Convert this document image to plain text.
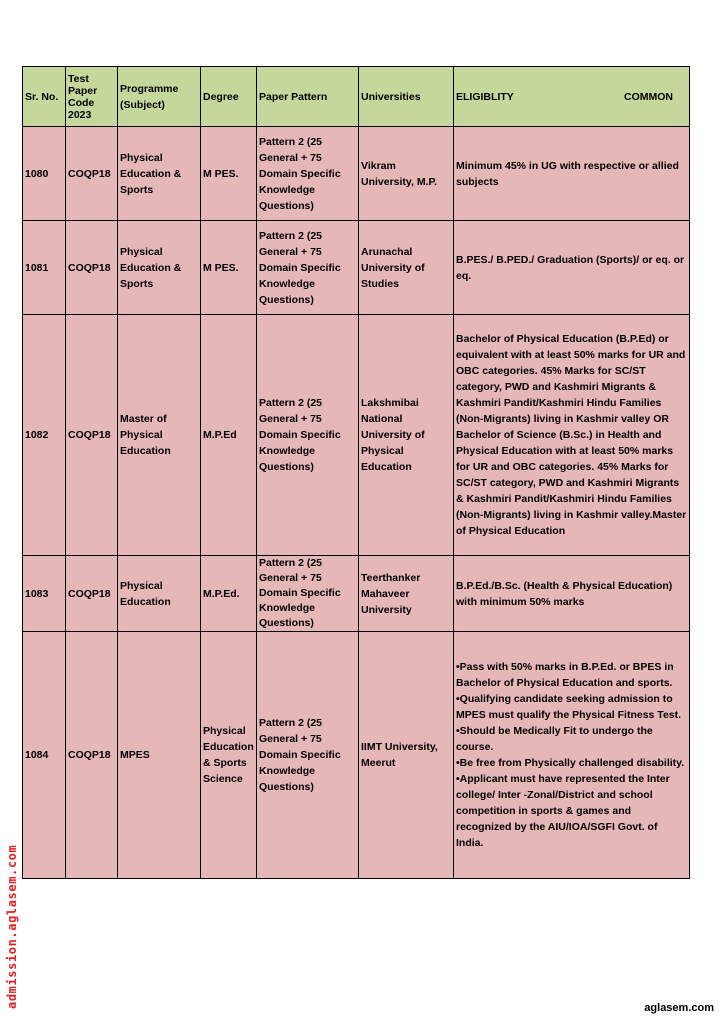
Sr. No.	Test Paper Code 2023	Programme (Subject)	Degree	Paper Pattern	Universities	ELIGIBLITY COMMON

1080	COQP18	Physical Education & Sports	M PES.	Pattern 2 (25 General + 75 Domain Specific Knowledge Questions)	Vikram University, M.P.	Minimum 45% in UG with respective or allied subjects
1081	COQP18	Physical Education & Sports	M PES.	Pattern 2 (25 General + 75 Domain Specific Knowledge Questions)	Arunachal University of Studies	B.PES./ B.PED./ Graduation (Sports)/ or eq. or eq.
1082	COQP18	Master of Physical Education	M.P.Ed	Pattern 2 (25 General + 75 Domain Specific Knowledge Questions)	Lakshmibai National University of Physical Education	Bachelor of Physical Education (B.P.Ed) or equivalent with at least 50% marks for UR and OBC categories. 45% Marks for SC/ST category, PWD and Kashmiri Migrants & Kashmiri Pandit/Kashmiri Hindu Families (Non-Migrants) living in Kashmir valley OR Bachelor of Science (B.Sc.) in Health and Physical Education with at least 50% marks for UR and OBC categories. 45% Marks for SC/ST category, PWD and Kashmiri Migrants & Kashmiri Pandit/Kashmiri Hindu Families (Non-Migrants) living in Kashmir valley.Master of Physical Education
1083	COQP18	Physical Education	M.P.Ed.	Pattern 2 (25 General + 75 Domain Specific Knowledge Questions)	Teerthanker Mahaveer University	B.P.Ed./B.Sc. (Health & Physical Education) with minimum 50% marks
1084	COQP18	MPES	Physical Education & Sports Science	Pattern 2 (25 General + 75 Domain Specific Knowledge Questions)	IIMT University, Meerut	•Pass with 50% marks in B.P.Ed. or BPES in Bachelor of Physical Education and sports.
•Qualifying candidate seeking admission to MPES must qualify the Physical Fitness Test.
•Should be Medically Fit to undergo the course.
•Be free from Physically challenged disability.
•Applicant must have represented the Inter college/ Inter -Zonal/District and school competition in sports & games and recognized by the AIU/IOA/SGFI Govt. of India.
admission.aglasem.com	aglasem.com
